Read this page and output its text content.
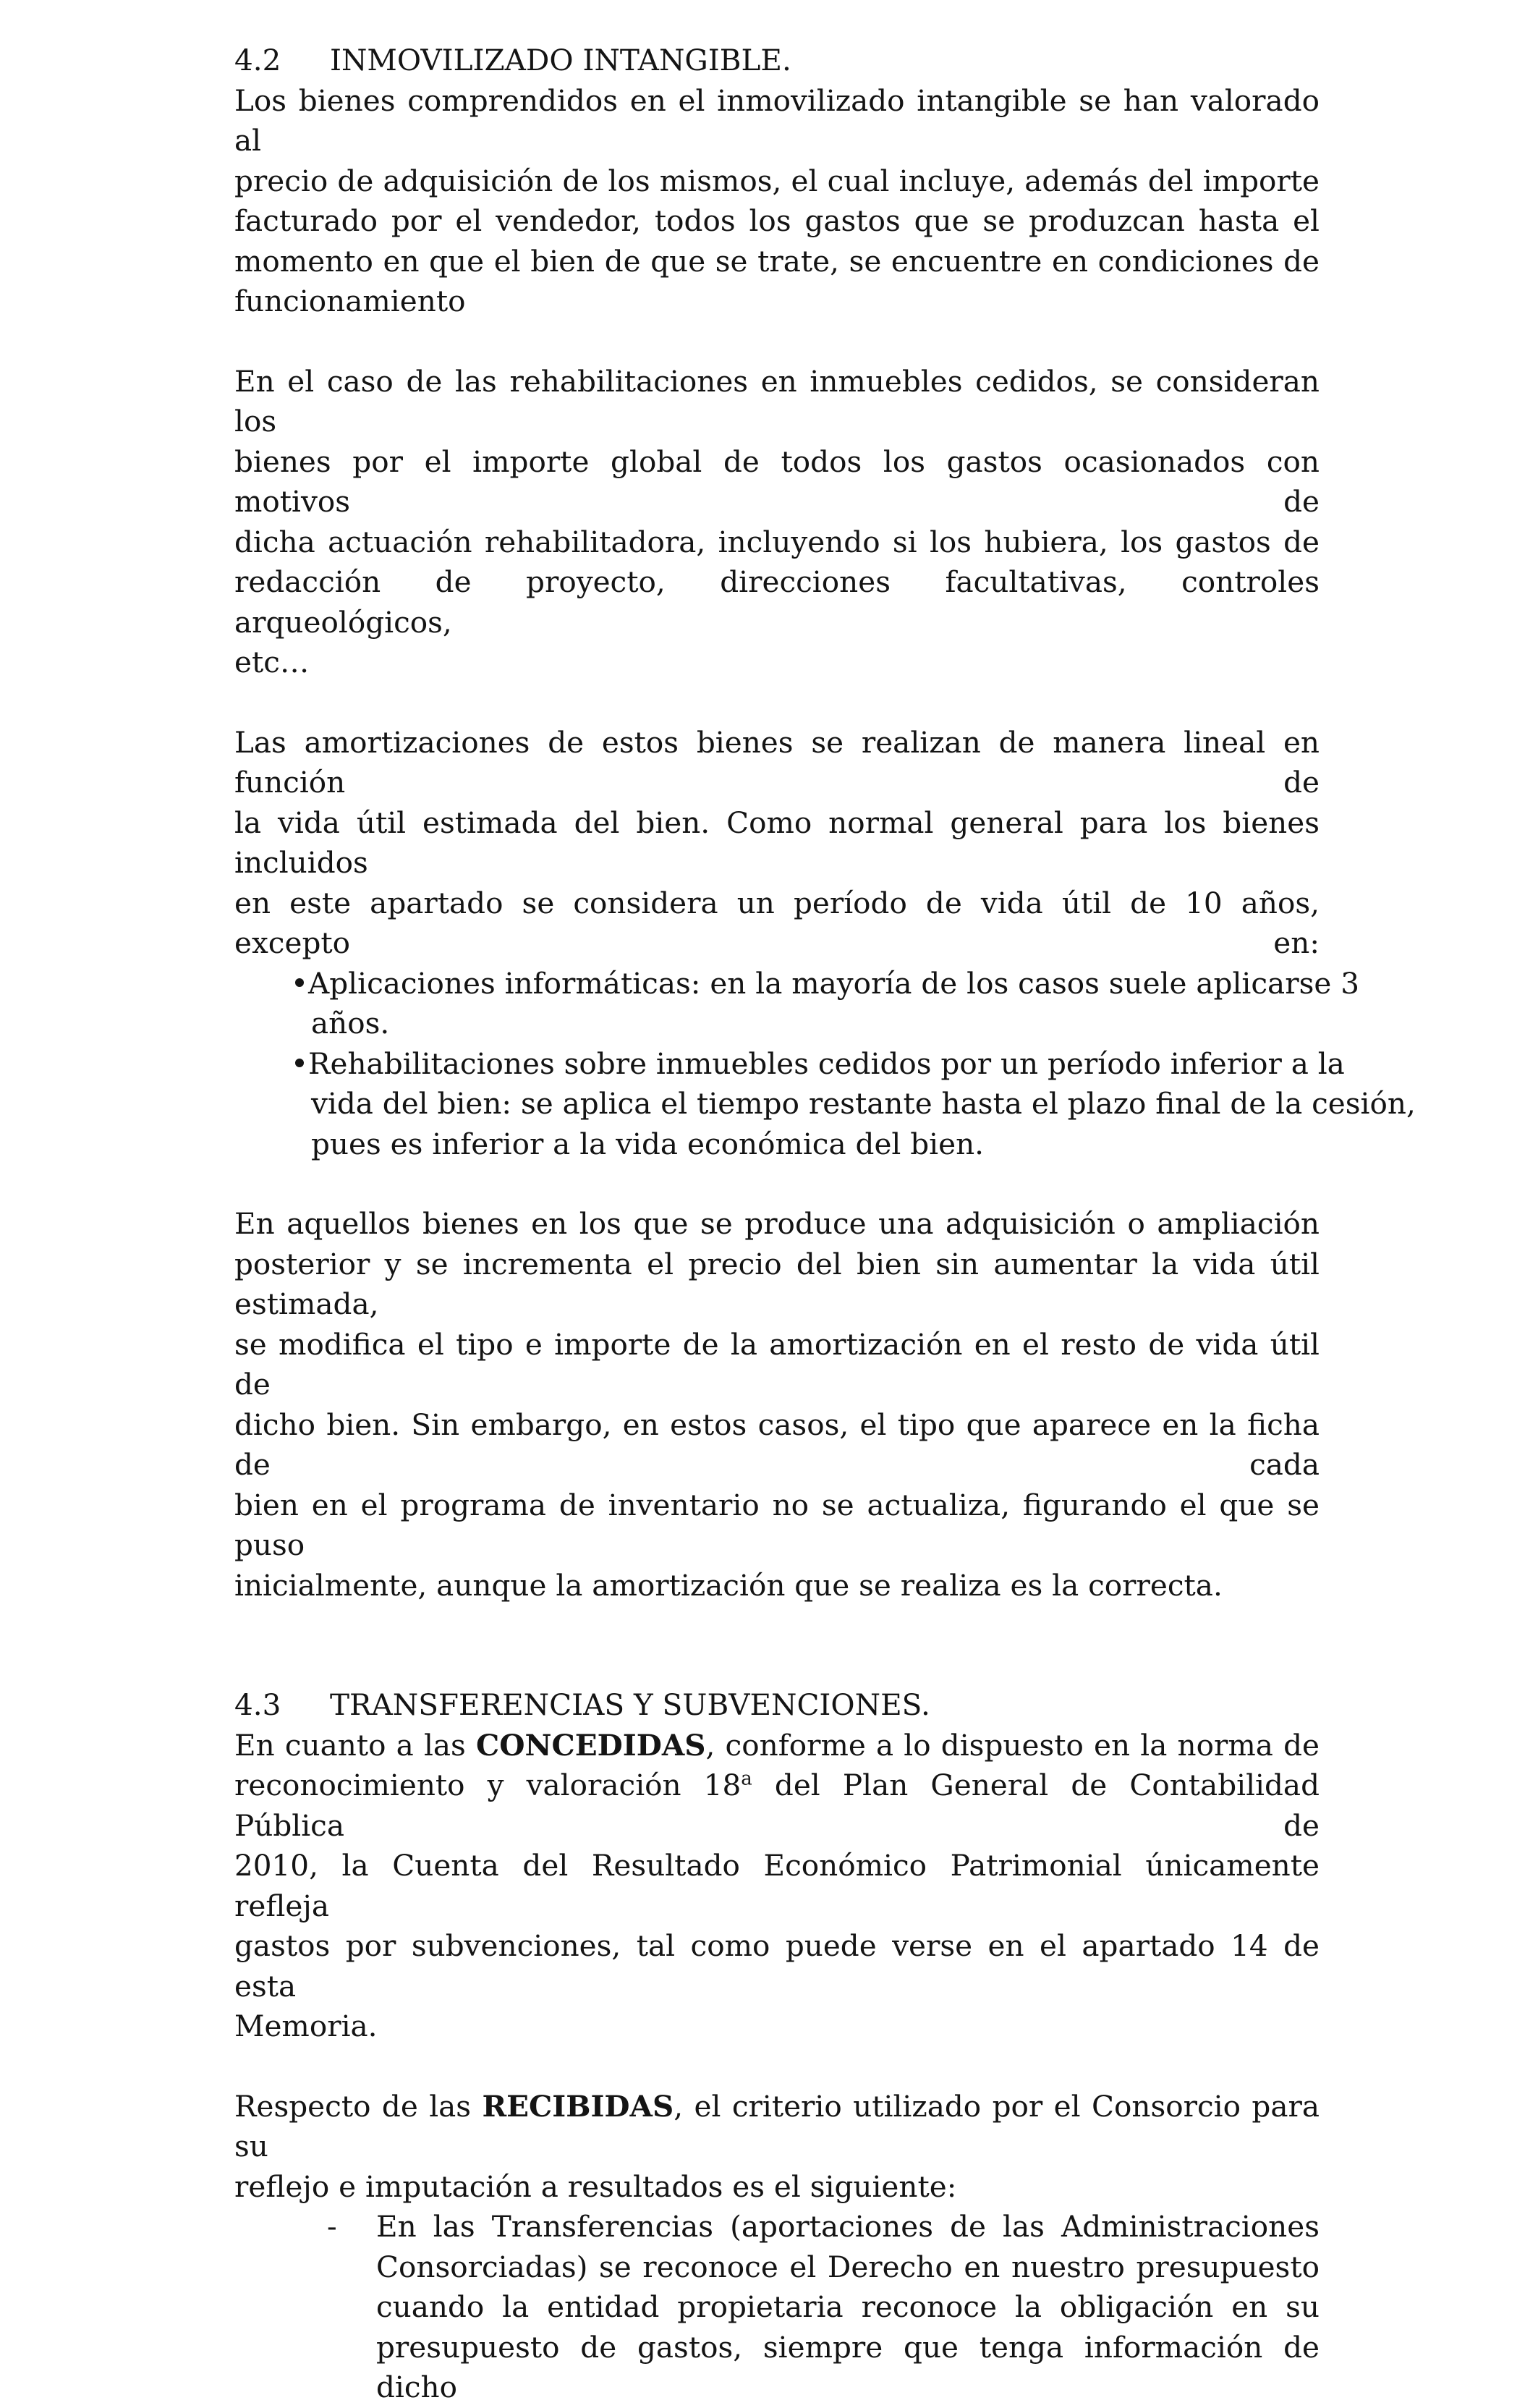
4.2 INMOVILIZADO INTANGIBLE.
Los bienes comprendidos en el inmovilizado intangible se han valorado al
precio de adquisición de los mismos, el cual incluye, además del importe
facturado por el vendedor, todos los gastos que se produzcan hasta el
momento en que el bien de que se trate, se encuentre en condiciones de
funcionamiento
En el caso de las rehabilitaciones en inmuebles cedidos, se consideran los
bienes por el importe global de todos los gastos ocasionados con motivos de
dicha actuación rehabilitadora, incluyendo si los hubiera, los gastos de
redacción de proyecto, direcciones facultativas, controles arqueológicos,
etc…
Las amortizaciones de estos bienes se realizan de manera lineal en función de
la vida útil estimada del bien. Como normal general para los bienes incluidos
en este apartado se considera un período de vida útil de 10 años, excepto en:
Aplicaciones informáticas: en la mayoría de los casos suele aplicarse 3
años.
Rehabilitaciones sobre inmuebles cedidos por un período inferior a la
vida del bien: se aplica el tiempo restante hasta el plazo final de la cesión,
pues es inferior a la vida económica del bien.
En aquellos bienes en los que se produce una adquisición o ampliación
posterior y se incrementa el precio del bien sin aumentar la vida útil estimada,
se modifica el tipo e importe de la amortización en el resto de vida útil de
dicho bien. Sin embargo, en estos casos, el tipo que aparece en la ficha de cada
bien en el programa de inventario no se actualiza, figurando el que se puso
inicialmente, aunque la amortización que se realiza es la correcta.
4.3 TRANSFERENCIAS Y SUBVENCIONES.
En cuanto a las CONCEDIDAS, conforme a lo dispuesto en la norma de
reconocimiento y valoración 18$^a$ del Plan General de Contabilidad Pública de
2010, la Cuenta del Resultado Económico Patrimonial únicamente refleja
gastos por subvenciones, tal como puede verse en el apartado 14 de esta
Memoria.
Respecto de las RECIBIDAS, el criterio utilizado por el Consorcio para su
reflejo e imputación a resultados es el siguiente:
- En las Transferencias (aportaciones de las Administraciones
Consorciadas) se reconoce el Derecho en nuestro presupuesto
cuando la entidad propietaria reconoce la obligación en su
presupuesto de gastos, siempre que tenga información de dicho
